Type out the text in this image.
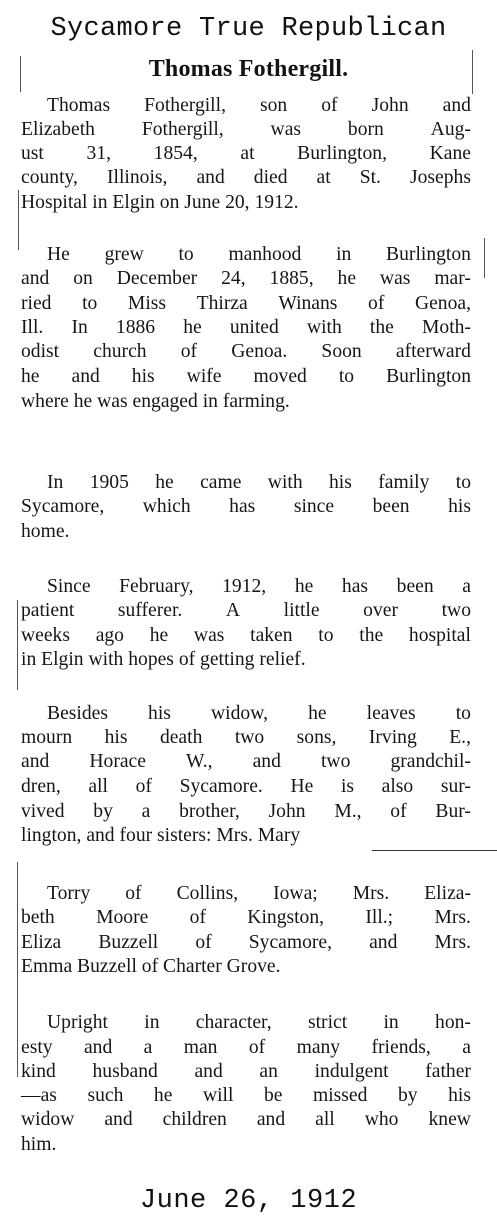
Sycamore True Republican
Thomas Fothergill.
Thomas Fothergill, son of John and
Elizabeth Fothergill, was born Aug-
ust 31, 1854, at Burlington, Kane
county, Illinois, and died at St. Josephs
Hospital in Elgin on June 20, 1912.
He grew to manhood in Burlington
and on December 24, 1885, he was mar-
ried to Miss Thirza Winans of Genoa,
Ill. In 1886 he united with the Moth-
odist church of Genoa. Soon afterward
he and his wife moved to Burlington
where he was engaged in farming.
In 1905 he came with his family to
Sycamore, which has since been his
home.
Since February, 1912, he has been a
patient sufferer. A little over two
weeks ago he was taken to the hospital
in Elgin with hopes of getting relief.
Besides his widow, he leaves to
mourn his death two sons, Irving E.,
and Horace W., and two grandchil-
dren, all of Sycamore. He is also sur-
vived by a brother, John M., of Bur-
lington, and four sisters: Mrs. Mary
Torry of Collins, Iowa; Mrs. Eliza-
beth Moore of Kingston, Ill.; Mrs.
Eliza Buzzell of Sycamore, and Mrs.
Emma Buzzell of Charter Grove.
Upright in character, strict in hon-
esty and a man of many friends, a
kind husband and an indulgent father
—as such he will be missed by his
widow and children and all who knew
him.
June 26, 1912
